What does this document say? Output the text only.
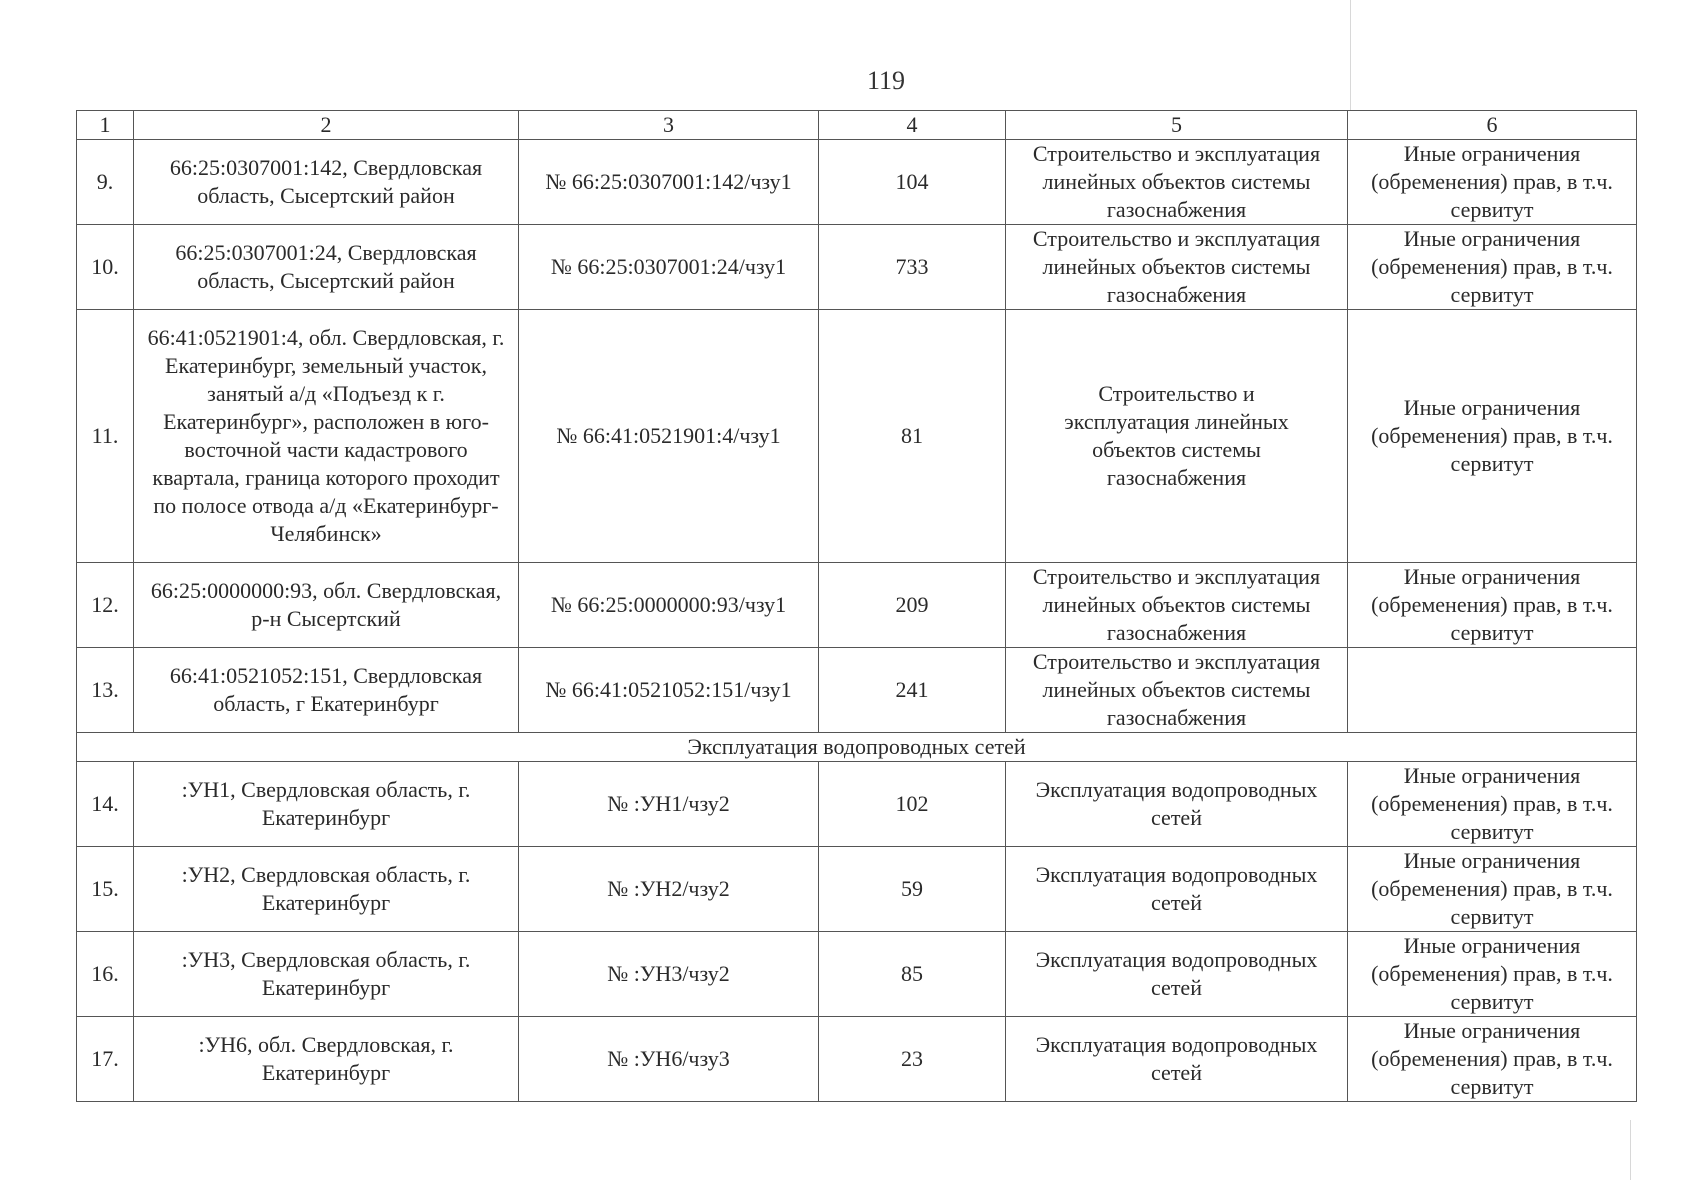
119
1	2	3	4	5	6
9.	66:25:0307001:142, Свердловская область, Сысертский район	№ 66:25:0307001:142/чзу1	104	Строительство и эксплуатация линейных объектов системы газоснабжения	Иные ограничения (обременения) прав, в т.ч. сервитут
10.	66:25:0307001:24, Свердловская область, Сысертский район	№ 66:25:0307001:24/чзу1	733	Строительство и эксплуатация линейных объектов системы газоснабжения	Иные ограничения (обременения) прав, в т.ч. сервитут
11.	66:41:0521901:4, обл. Свердловская, г. Екатеринбург, земельный участок, занятый а/д «Подъезд к г. Екатеринбург», расположен в юго-восточной части кадастрового квартала, граница которого проходит по полосе отвода а/д «Екатеринбург-Челябинск»	№ 66:41:0521901:4/чзу1	81	Строительство и эксплуатация линейных объектов системы газоснабжения	Иные ограничения (обременения) прав, в т.ч. сервитут
12.	66:25:0000000:93, обл. Свердловская, р-н Сысертский	№ 66:25:0000000:93/чзу1	209	Строительство и эксплуатация линейных объектов системы газоснабжения	Иные ограничения (обременения) прав, в т.ч. сервитут
13.	66:41:0521052:151, Свердловская область, г Екатеринбург	№ 66:41:0521052:151/чзу1	241	Строительство и эксплуатация линейных объектов системы газоснабжения	
Эксплуатация водопроводных сетей					
14.	:УН1, Свердловская область, г. Екатеринбург	№ :УН1/чзу2	102	Эксплуатация водопроводных сетей	Иные ограничения (обременения) прав, в т.ч. сервитут
15.	:УН2, Свердловская область, г. Екатеринбург	№ :УН2/чзу2	59	Эксплуатация водопроводных сетей	Иные ограничения (обременения) прав, в т.ч. сервитут
16.	:УН3, Свердловская область, г. Екатеринбург	№ :УН3/чзу2	85	Эксплуатация водопроводных сетей	Иные ограничения (обременения) прав, в т.ч. сервитут
17.	:УН6, обл. Свердловская, г. Екатеринбург	№ :УН6/чзу3	23	Эксплуатация водопроводных сетей	Иные ограничения (обременения) прав, в т.ч. сервитут
